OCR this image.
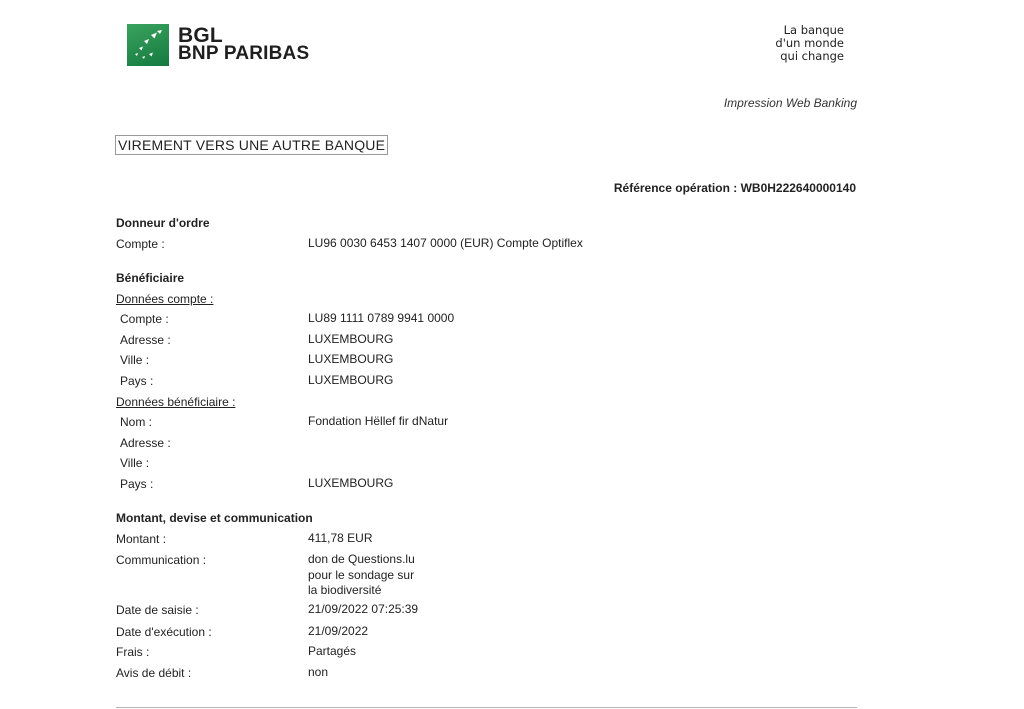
BGL
BNP PARIBAS
La banque
d'un monde
qui change
Impression Web Banking
VIREMENT VERS UNE AUTRE BANQUE
Référence opération : WB0H222640000140
Donneur d'ordre
Compte :	LU96 0030 6453 1407 0000 (EUR) Compte Optiflex
Bénéficiaire
Données compte :
Compte :	LU89 1111 0789 9941 0000
Adresse :	LUXEMBOURG
Ville :	LUXEMBOURG
Pays :	LUXEMBOURG
Données bénéficiaire :
Nom :	Fondation Hëllef fir dNatur
Adresse :
Ville :
Pays :	LUXEMBOURG
Montant, devise et communication
Montant :	411,78 EUR
Communication :	don de Questions.lu
pour le sondage sur
la biodiversité
Date de saisie :	21/09/2022 07:25:39
Date d'exécution :	21/09/2022
Frais :	Partagés
Avis de débit :	non
